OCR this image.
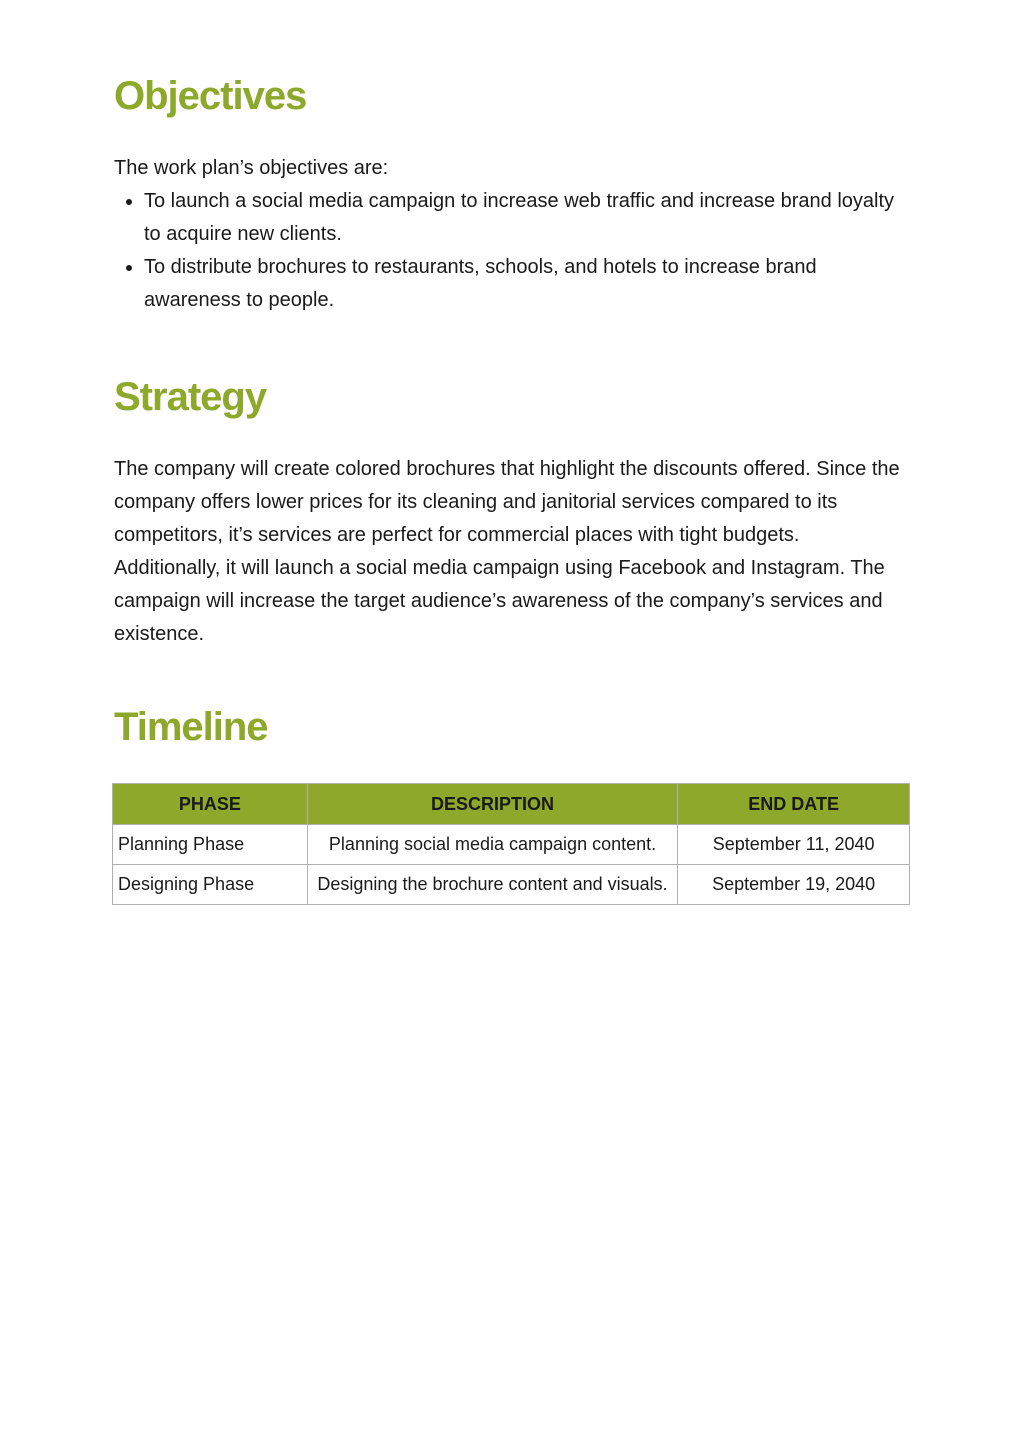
Objectives

The work plan’s objectives are:

• To launch a social media campaign to increase web traffic and increase brand loyalty to acquire new clients.
• To distribute brochures to restaurants, schools, and hotels to increase brand awareness to people.
Strategy

The company will create colored brochures that highlight the discounts offered. Since the company offers lower prices for its cleaning and janitorial services compared to its competitors, it’s services are perfect for commercial places with tight budgets. Additionally, it will launch a social media campaign using Facebook and Instagram. The campaign will increase the target audience’s awareness of the company’s services and existence.

Timeline
PHASE	DESCRIPTION	END DATE
Planning Phase	Planning social media campaign content.	September 11, 2040
Designing Phase	Designing the brochure content and visuals.	September 19, 2040
